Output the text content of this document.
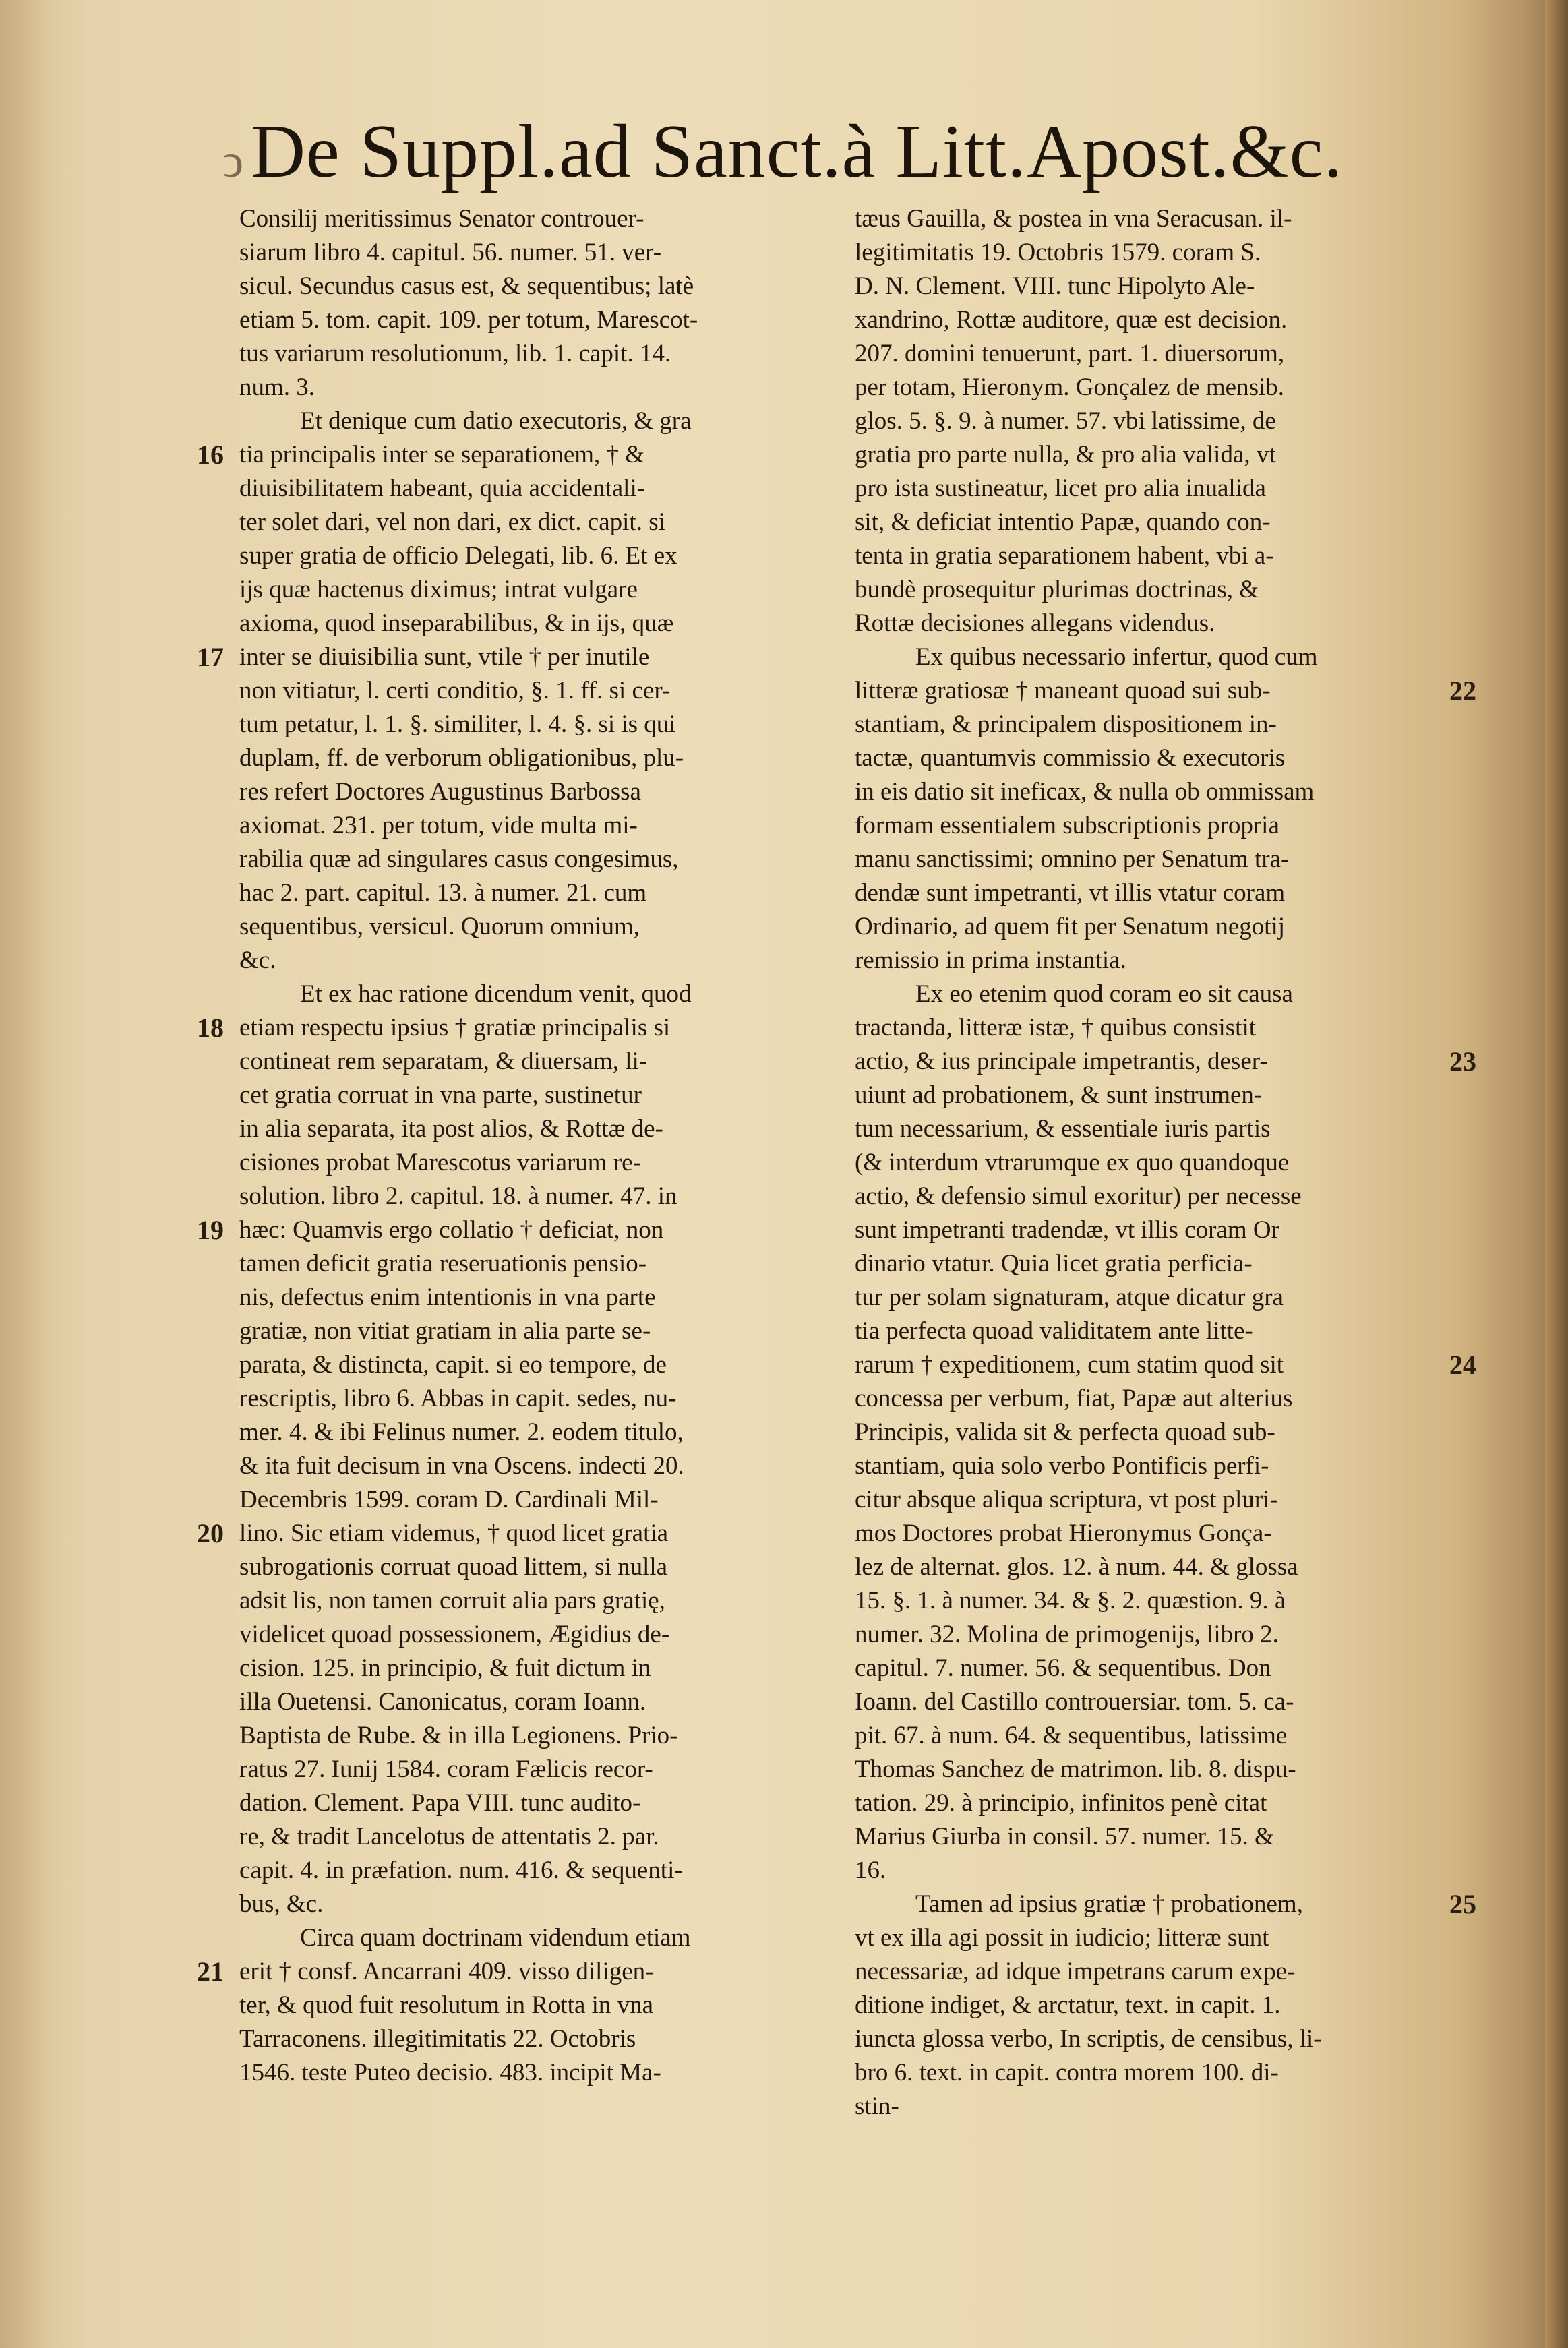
ↄDe Suppl.ad Sanct.à Litt.Apost.&c.
Consilij meritissimus Senator controuer-
siarum libro 4. capitul. 56. numer. 51. ver-
sicul. Secundus casus est, & sequentibus; latè
etiam 5. tom. capit. 109. per totum, Marescot-
tus variarum resolutionum, lib. 1. capit. 14.
num. 3.
Et denique cum datio executoris, & gra
tia principalis inter se separationem, † &
diuisibilitatem habeant, quia accidentali-
ter solet dari, vel non dari, ex dict. capit. si
super gratia de officio Delegati, lib. 6. Et ex
ijs quæ hactenus diximus; intrat vulgare
axioma, quod inseparabilibus, & in ijs, quæ
inter se diuisibilia sunt, vtile † per inutile
non vitiatur, l. certi conditio, §. 1. ff. si cer-
tum petatur, l. 1. §. similiter, l. 4. §. si is qui
duplam, ff. de verborum obligationibus, plu-
res refert Doctores Augustinus Barbossa
axiomat. 231. per totum, vide multa mi-
rabilia quæ ad singulares casus congesimus,
hac 2. part. capitul. 13. à numer. 21. cum
sequentibus, versicul. Quorum omnium,
&c.
Et ex hac ratione dicendum venit, quod
etiam respectu ipsius † gratiæ principalis si
contineat rem separatam, & diuersam, li-
cet gratia corruat in vna parte, sustinetur
in alia separata, ita post alios, & Rottæ de-
cisiones probat Marescotus variarum re-
solution. libro 2. capitul. 18. à numer. 47. in
hæc: Quamvis ergo collatio † deficiat, non
tamen deficit gratia reseruationis pensio-
nis, defectus enim intentionis in vna parte
gratiæ, non vitiat gratiam in alia parte se-
parata, & distincta, capit. si eo tempore, de
rescriptis, libro 6. Abbas in capit. sedes, nu-
mer. 4. & ibi Felinus numer. 2. eodem titulo,
& ita fuit decisum in vna Oscens. indecti 20.
Decembris 1599. coram D. Cardinali Mil-
lino. Sic etiam videmus, † quod licet gratia
subrogationis corruat quoad littem, si nulla
adsit lis, non tamen corruit alia pars gratię,
videlicet quoad possessionem, Ægidius de-
cision. 125. in principio, & fuit dictum in
illa Ouetensi. Canonicatus, coram Ioann.
Baptista de Rube. & in illa Legionens. Prio-
ratus 27. Iunij 1584. coram Fælicis recor-
dation. Clement. Papa VIII. tunc audito-
re, & tradit Lancelotus de attentatis 2. par.
capit. 4. in præfation. num. 416. & sequenti-
bus, &c.
Circa quam doctrinam videndum etiam
erit † consf. Ancarrani 409. visso diligen-
ter, & quod fuit resolutum in Rotta in vna
Tarraconens. illegitimitatis 22. Octobris
1546. teste Puteo decisio. 483. incipit Ma-
tæus Gauilla, & postea in vna Seracusan. il-
legitimitatis 19. Octobris 1579. coram S.
D. N. Clement. VIII. tunc Hipolyto Ale-
xandrino, Rottæ auditore, quæ est decision.
207. domini tenuerunt, part. 1. diuersorum,
per totam, Hieronym. Gonçalez de mensib.
glos. 5. §. 9. à numer. 57. vbi latissime, de
gratia pro parte nulla, & pro alia valida, vt
pro ista sustineatur, licet pro alia inualida
sit, & deficiat intentio Papæ, quando con-
tenta in gratia separationem habent, vbi a-
bundè prosequitur plurimas doctrinas, &
Rottæ decisiones allegans videndus.
Ex quibus necessario infertur, quod cum
litteræ gratiosæ † maneant quoad sui sub-
stantiam, & principalem dispositionem in-
tactæ, quantumvis commissio & executoris
in eis datio sit ineficax, & nulla ob ommissam
formam essentialem subscriptionis propria
manu sanctissimi; omnino per Senatum tra-
dendæ sunt impetranti, vt illis vtatur coram
Ordinario, ad quem fit per Senatum negotij
remissio in prima instantia.
Ex eo etenim quod coram eo sit causa
tractanda, litteræ istæ, † quibus consistit
actio, & ius principale impetrantis, deser-
uiunt ad probationem, & sunt instrumen-
tum necessarium, & essentiale iuris partis
(& interdum vtrarumque ex quo quandoque
actio, & defensio simul exoritur) per necesse
sunt impetranti tradendæ, vt illis coram Or
dinario vtatur. Quia licet gratia perficia-
tur per solam signaturam, atque dicatur gra
tia perfecta quoad validitatem ante litte-
rarum † expeditionem, cum statim quod sit
concessa per verbum, fiat, Papæ aut alterius
Principis, valida sit & perfecta quoad sub-
stantiam, quia solo verbo Pontificis perfi-
citur absque aliqua scriptura, vt post pluri-
mos Doctores probat Hieronymus Gonça-
lez de alternat. glos. 12. à num. 44. & glossa
15. §. 1. à numer. 34. & §. 2. quæstion. 9. à
numer. 32. Molina de primogenijs, libro 2.
capitul. 7. numer. 56. & sequentibus. Don
Ioann. del Castillo controuersiar. tom. 5. ca-
pit. 67. à num. 64. & sequentibus, latissime
Thomas Sanchez de matrimon. lib. 8. dispu-
tation. 29. à principio, infinitos penè citat
Marius Giurba in consil. 57. numer. 15. &
16.
Tamen ad ipsius gratiæ † probationem,
vt ex illa agi possit in iudicio; litteræ sunt
necessariæ, ad idque impetrans carum expe-
ditione indiget, & arctatur, text. in capit. 1.
iuncta glossa verbo, In scriptis, de censibus, li-
bro 6. text. in capit. contra morem 100. di-
stin-
16
17
18
19
20
21
22
23
24
25
